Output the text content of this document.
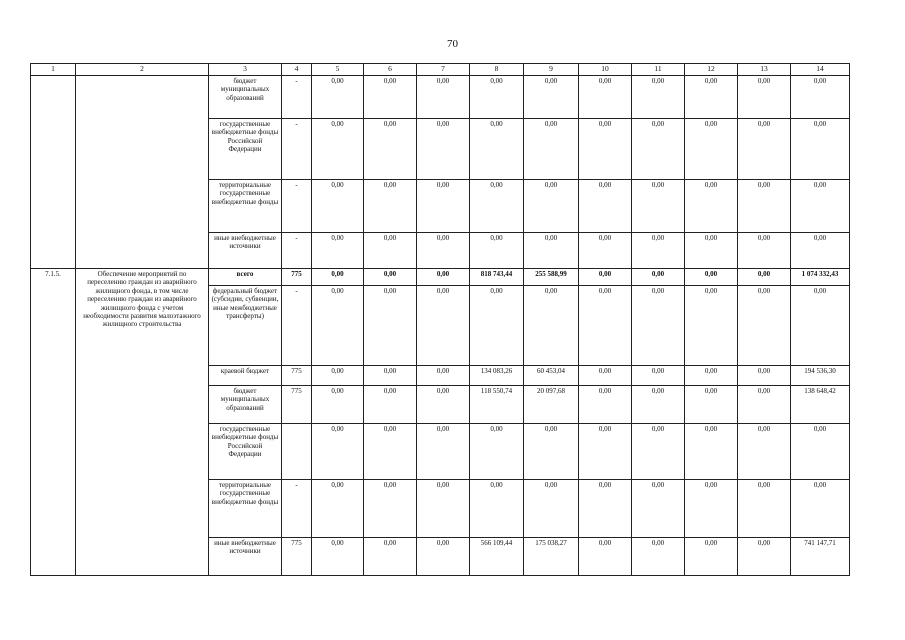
70
1	2	3	4	5	6	7	8	9	10	11	12	13	14
		бюджет муниципальных образований	-	0,00	0,00	0,00	0,00	0,00	0,00	0,00	0,00	0,00	0,00
		государственные внебюджетные фонды Российской Федерации	-	0,00	0,00	0,00	0,00	0,00	0,00	0,00	0,00	0,00	0,00
		территориальные государственные внебюджетные фонды	-	0,00	0,00	0,00	0,00	0,00	0,00	0,00	0,00	0,00	0,00
		иные внебюджетные источники	-	0,00	0,00	0,00	0,00	0,00	0,00	0,00	0,00	0,00	0,00
7.1.5.	Обеспечение мероприятий по переселению граждан из аварийного жилищного фонда, в том числе переселению граждан из аварийного жилищного фонда с учетом необходимости развития малоэтажного жилищного строительства	всего	775	0,00	0,00	0,00	818 743,44	255 588,99	0,00	0,00	0,00	0,00	1 074 332,43
		федеральный бюджет (субсидии, субвенции, иные межбюджетные трансферты)	-	0,00	0,00	0,00	0,00	0,00	0,00	0,00	0,00	0,00	0,00
		краевой бюджет	775	0,00	0,00	0,00	134 083,26	60 453,04	0,00	0,00	0,00	0,00	194 536,30
		бюджет муниципальных образований	775	0,00	0,00	0,00	118 550,74	20 097,68	0,00	0,00	0,00	0,00	138 648,42
		государственные внебюджетные фонды Российской Федерации		0,00	0,00	0,00	0,00	0,00	0,00	0,00	0,00	0,00	0,00
		территориальные государственные внебюджетные фонды	-	0,00	0,00	0,00	0,00	0,00	0,00	0,00	0,00	0,00	0,00
		иные внебюджетные источники	775	0,00	0,00	0,00	566 109,44	175 038,27	0,00	0,00	0,00	0,00	741 147,71
